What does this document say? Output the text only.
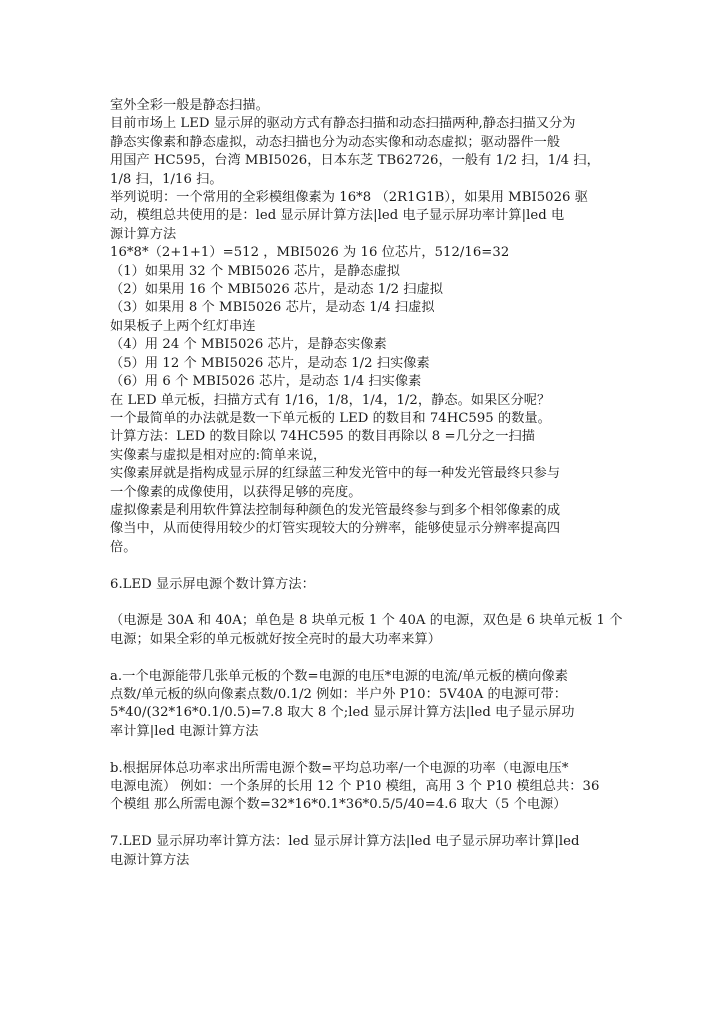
室外全彩一般是静态扫描。
目前市场上 LED 显示屏的驱动方式有静态扫描和动态扫描两种,静态扫描又分为
静态实像素和静态虚拟，动态扫描也分为动态实像和动态虚拟；驱动器件一般
用国产 HC595，台湾 MBI5026，日本东芝 TB62726，一般有 1/2 扫，1/4 扫，
1/8 扫，1/16 扫。
举列说明：一个常用的全彩模组像素为 16*8 （2R1G1B），如果用 MBI5026 驱
动，模组总共使用的是：led 显示屏计算方法|led 电子显示屏功率计算|led 电
源计算方法
16*8*（2+1+1）=512 ，MBI5026 为 16 位芯片，512/16=32
（1）如果用 32 个 MBI5026 芯片，是静态虚拟
（2）如果用 16 个 MBI5026 芯片，是动态 1/2 扫虚拟
（3）如果用 8 个 MBI5026 芯片，是动态 1/4 扫虚拟
如果板子上两个红灯串连
（4）用 24 个 MBI5026 芯片，是静态实像素
（5）用 12 个 MBI5026 芯片，是动态 1/2 扫实像素
（6）用 6 个 MBI5026 芯片，是动态 1/4 扫实像素
在 LED 单元板，扫描方式有 1/16，1/8，1/4，1/2，静态。如果区分呢？
一个最简单的办法就是数一下单元板的 LED 的数目和 74HC595 的数量。
计算方法：LED 的数目除以 74HC595 的数目再除以 8 =几分之一扫描
实像素与虚拟是相对应的:简单来说，
实像素屏就是指构成显示屏的红绿蓝三种发光管中的每一种发光管最终只参与
一个像素的成像使用，以获得足够的亮度。
虚拟像素是利用软件算法控制每种颜色的发光管最终参与到多个相邻像素的成
像当中，从而使得用较少的灯管实现较大的分辨率，能够使显示分辨率提高四
倍。
6.LED 显示屏电源个数计算方法：
（电源是 30A 和 40A；单色是 8 块单元板 1 个 40A 的电源，双色是 6 块单元板 1 个
电源；如果全彩的单元板就好按全亮时的最大功率来算）
a.一个电源能带几张单元板的个数=电源的电压*电源的电流/单元板的横向像素
点数/单元板的纵向像素点数/0.1/2 例如：半户外 P10：5V40A 的电源可带：
5*40/(32*16*0.1/0.5)=7.8 取大 8 个;led 显示屏计算方法|led 电子显示屏功
率计算|led 电源计算方法
b.根据屏体总功率求出所需电源个数=平均总功率/一个电源的功率（电源电压*
电源电流） 例如：一个条屏的长用 12 个 P10 模组，高用 3 个 P10 模组总共：36
个模组 那么所需电源个数=32*16*0.1*36*0.5/5/40=4.6 取大（5 个电源）
7.LED 显示屏功率计算方法：led 显示屏计算方法|led 电子显示屏功率计算|led
电源计算方法
